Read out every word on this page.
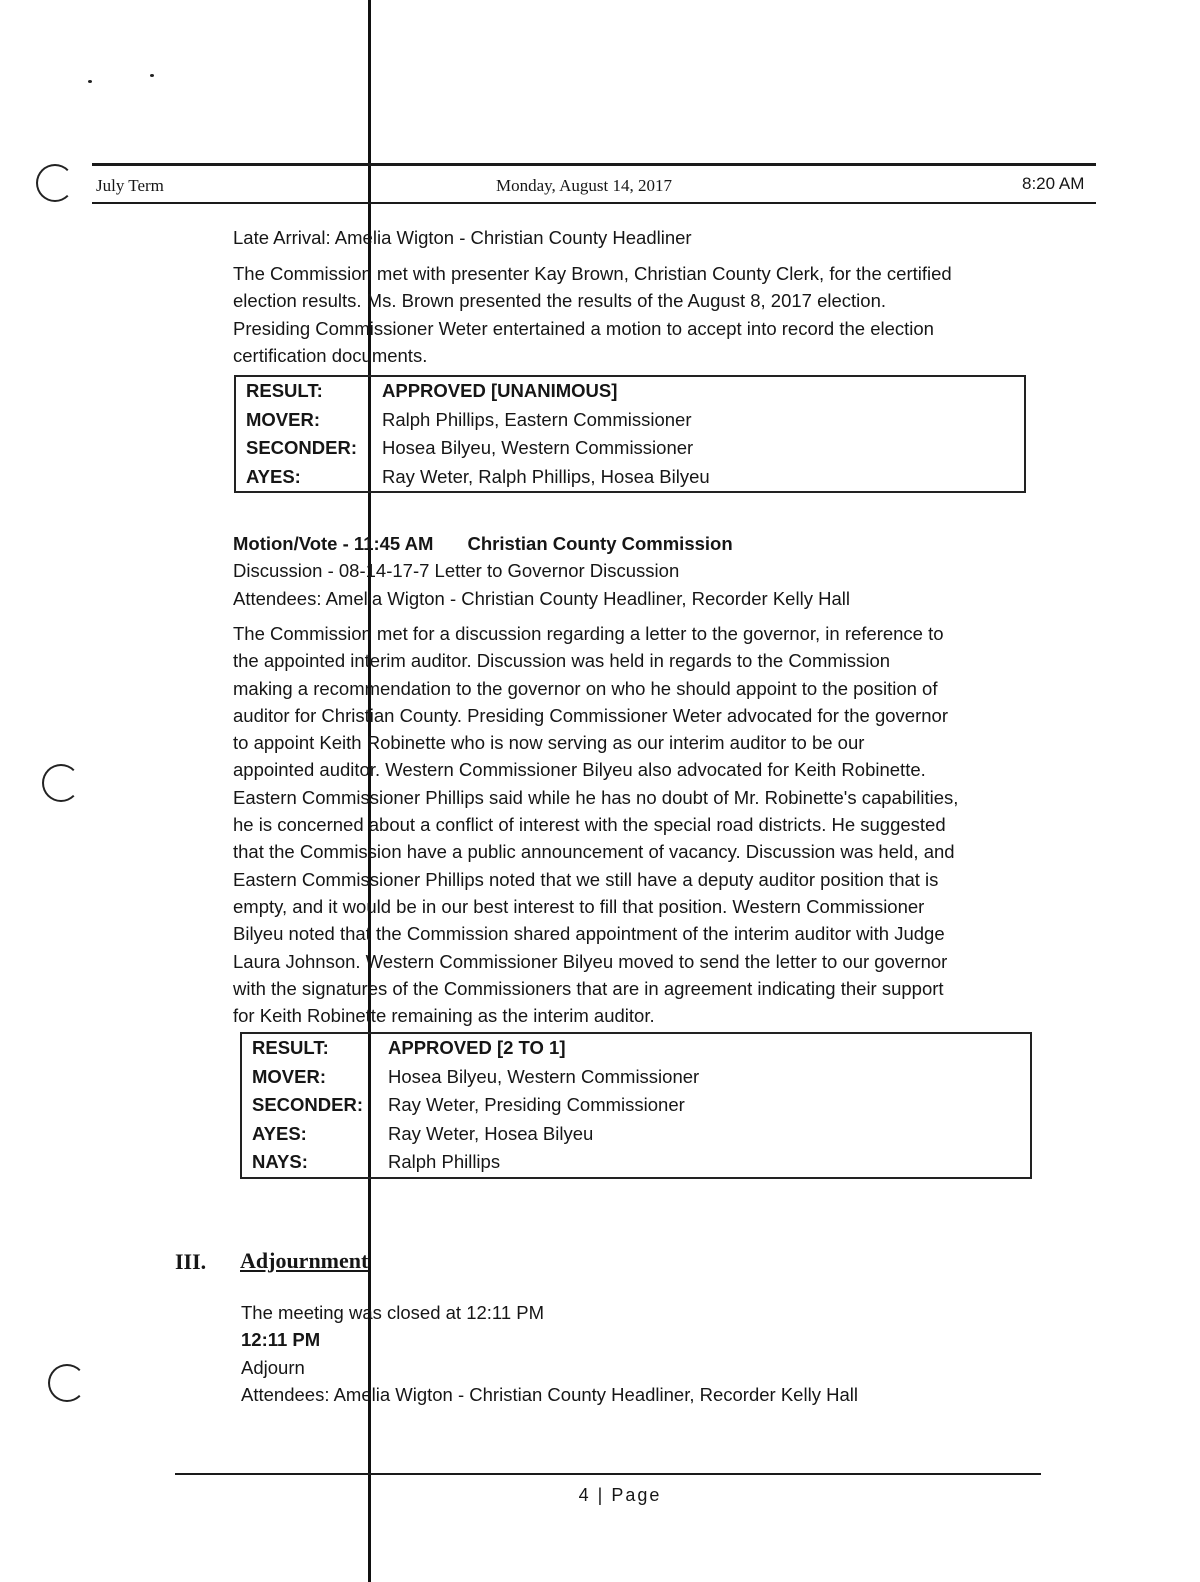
July Term	Monday, August 14, 2017	8:20 AM
Late Arrival: Amelia Wigton - Christian County Headliner
The Commission met with presenter Kay Brown, Christian County Clerk, for the certified
election results. Ms. Brown presented the results of the August 8, 2017 election.
Presiding Commissioner Weter entertained a motion to accept into record the election
certification documents.
RESULT:	APPROVED [UNANIMOUS]
MOVER:	Ralph Phillips, Eastern Commissioner
SECONDER:	Hosea Bilyeu, Western Commissioner
AYES:	Ray Weter, Ralph Phillips, Hosea Bilyeu
Motion/Vote - 11:45 AM Christian County Commission
Discussion - 08-14-17-7 Letter to Governor Discussion
Attendees: Amelia Wigton - Christian County Headliner, Recorder Kelly Hall
The Commission met for a discussion regarding a letter to the governor, in reference to
the appointed interim auditor. Discussion was held in regards to the Commission
making a recommendation to the governor on who he should appoint to the position of
auditor for Christian County. Presiding Commissioner Weter advocated for the governor
to appoint Keith Robinette who is now serving as our interim auditor to be our
appointed auditor. Western Commissioner Bilyeu also advocated for Keith Robinette.
Eastern Commissioner Phillips said while he has no doubt of Mr. Robinette's capabilities,
he is concerned about a conflict of interest with the special road districts. He suggested
that the Commission have a public announcement of vacancy. Discussion was held, and
Eastern Commissioner Phillips noted that we still have a deputy auditor position that is
empty, and it would be in our best interest to fill that position. Western Commissioner
Bilyeu noted that the Commission shared appointment of the interim auditor with Judge
Laura Johnson. Western Commissioner Bilyeu moved to send the letter to our governor
with the signatures of the Commissioners that are in agreement indicating their support
for Keith Robinette remaining as the interim auditor.
RESULT:	APPROVED [2 TO 1]
MOVER:	Hosea Bilyeu, Western Commissioner
SECONDER:	Ray Weter, Presiding Commissioner
AYES:	Ray Weter, Hosea Bilyeu
NAYS:	Ralph Phillips
III. Adjournment
The meeting was closed at 12:11 PM
12:11 PM
Adjourn
Attendees: Amelia Wigton - Christian County Headliner, Recorder Kelly Hall
4 | Page
